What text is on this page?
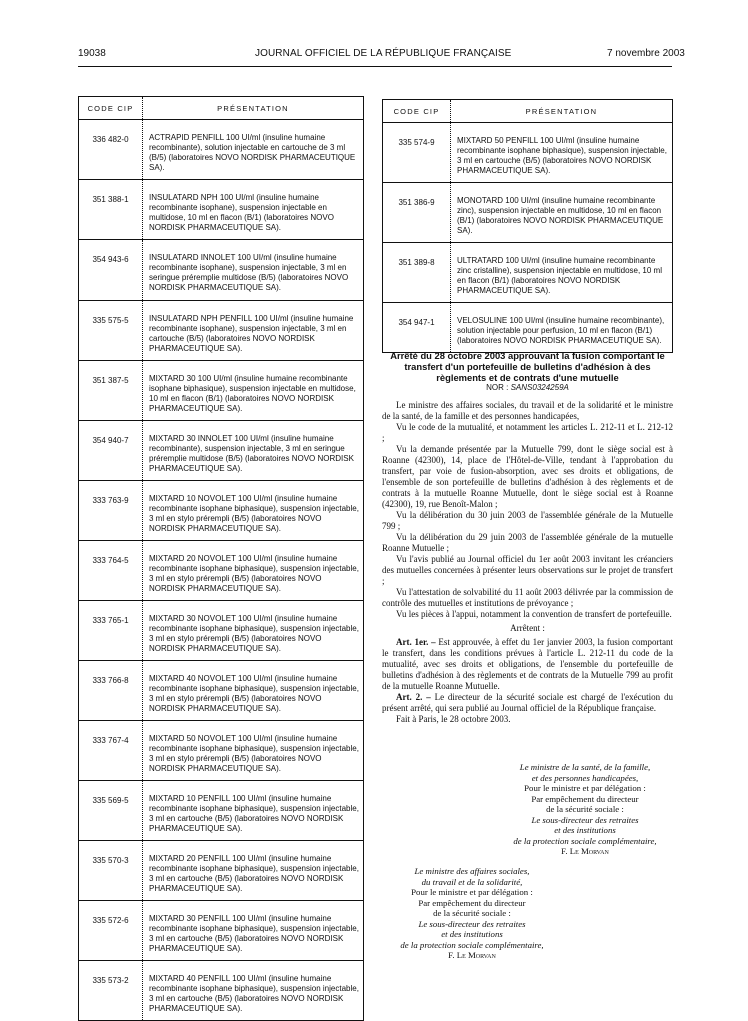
19038	JOURNAL OFFICIEL DE LA RÉPUBLIQUE FRANÇAISE	7 novembre 2003
CODE CIP	PRÉSENTATION
336 482-0	ACTRAPID PENFILL 100 UI/ml (insuline humaine recombinante), solution injectable en cartouche de 3 ml (B/5) (laboratoires NOVO NORDISK PHARMACEUTIQUE SA).
351 388-1	INSULATARD NPH 100 UI/ml (insuline humaine recombinante isophane), suspension injectable en multidose, 10 ml en flacon (B/1) (laboratoires NOVO NORDISK PHARMACEUTIQUE SA).
354 943-6	INSULATARD INNOLET 100 UI/ml (insuline humaine recombinante isophane), suspension injectable, 3 ml en seringue préremplie multidose (B/5) (laboratoires NOVO NORDISK PHARMACEUTIQUE SA).
335 575-5	INSULATARD NPH PENFILL 100 UI/ml (insuline humaine recombinante isophane), suspension injectable, 3 ml en cartouche (B/5) (laboratoires NOVO NORDISK PHARMACEUTIQUE SA).
351 387-5	MIXTARD 30 100 UI/ml (insuline humaine recombinante isophane biphasique), suspension injectable en multidose, 10 ml en flacon (B/1) (laboratoires NOVO NORDISK PHARMACEUTIQUE SA).
354 940-7	MIXTARD 30 INNOLET 100 UI/ml (insuline humaine recombinante), suspension injectable, 3 ml en seringue préremplie multidose (B/5) (laboratoires NOVO NORDISK PHARMACEUTIQUE SA).
333 763-9	MIXTARD 10 NOVOLET 100 UI/ml (insuline humaine recombinante isophane biphasique), suspension injectable, 3 ml en stylo prérempli (B/5) (laboratoires NOVO NORDISK PHARMACEUTIQUE SA).
333 764-5	MIXTARD 20 NOVOLET 100 UI/ml (insuline humaine recombinante isophane biphasique), suspension injectable, 3 ml en stylo prérempli (B/5) (laboratoires NOVO NORDISK PHARMACEUTIQUE SA).
333 765-1	MIXTARD 30 NOVOLET 100 UI/ml (insuline humaine recombinante isophane biphasique), suspension injectable, 3 ml en stylo prérempli (B/5) (laboratoires NOVO NORDISK PHARMACEUTIQUE SA).
333 766-8	MIXTARD 40 NOVOLET 100 UI/ml (insuline humaine recombinante isophane biphasique), suspension injectable, 3 ml en stylo prérempli (B/5) (laboratoires NOVO NORDISK PHARMACEUTIQUE SA).
333 767-4	MIXTARD 50 NOVOLET 100 UI/ml (insuline humaine recombinante isophane biphasique), suspension injectable, 3 ml en stylo prérempli (B/5) (laboratoires NOVO NORDISK PHARMACEUTIQUE SA).
335 569-5	MIXTARD 10 PENFILL 100 UI/ml (insuline humaine recombinante isophane biphasique), suspension injectable, 3 ml en cartouche (B/5) (laboratoires NOVO NORDISK PHARMACEUTIQUE SA).
335 570-3	MIXTARD 20 PENFILL 100 UI/ml (insuline humaine recombinante isophane biphasique), suspension injectable, 3 ml en cartouche (B/5) (laboratoires NOVO NORDISK PHARMACEUTIQUE SA).
335 572-6	MIXTARD 30 PENFILL 100 UI/ml (insuline humaine recombinante isophane biphasique), suspension injectable, 3 ml en cartouche (B/5) (laboratoires NOVO NORDISK PHARMACEUTIQUE SA).
335 573-2	MIXTARD 40 PENFILL 100 UI/ml (insuline humaine recombinante isophane biphasique), suspension injectable, 3 ml en cartouche (B/5) (laboratoires NOVO NORDISK PHARMACEUTIQUE SA).
CODE CIP	PRÉSENTATION
335 574-9	MIXTARD 50 PENFILL 100 UI/ml (insuline humaine recombinante isophane biphasique), suspension injectable, 3 ml en cartouche (B/5) (laboratoires NOVO NORDISK PHARMACEUTIQUE SA).
351 386-9	MONOTARD 100 UI/ml (insuline humaine recombinante zinc), suspension injectable en multidose, 10 ml en flacon (B/1) (laboratoires NOVO NORDISK PHARMACEUTIQUE SA).
351 389-8	ULTRATARD 100 UI/ml (insuline humaine recombinante zinc cristalline), suspension injectable en multidose, 10 ml en flacon (B/1) (laboratoires NOVO NORDISK PHARMACEUTIQUE SA).
354 947-1	VELOSULINE 100 UI/ml (insuline humaine recombinante), solution injectable pour perfusion, 10 ml en flacon (B/1) (laboratoires NOVO NORDISK PHARMACEUTIQUE SA).
Arrêté du 28 octobre 2003 approuvant la fusion comportant le transfert d'un portefeuille de bulletins d'adhésion à des règlements et de contrats d'une mutuelle
NOR : SANS0324259A

Le ministre des affaires sociales, du travail et de la solidarité et le ministre de la santé, de la famille et des personnes handicapées,

Vu le code de la mutualité, et notamment les articles L. 212-11 et L. 212-12 ;

Vu la demande présentée par la Mutuelle 799, dont le siège social est à Roanne (42300), 14, place de l'Hôtel-de-Ville, tendant à l'approbation du transfert, par voie de fusion-absorption, avec ses droits et obligations, de l'ensemble de son portefeuille de bulletins d'adhésion à des règlements et de contrats à la mutuelle Roanne Mutuelle, dont le siège social est à Roanne (42300), 19, rue Benoît-Malon ;

Vu la délibération du 30 juin 2003 de l'assemblée générale de la Mutuelle 799 ;

Vu la délibération du 29 juin 2003 de l'assemblée générale de la mutuelle Roanne Mutuelle ;

Vu l'avis publié au Journal officiel du 1er août 2003 invitant les créanciers des mutuelles concernées à présenter leurs observations sur le projet de transfert ;

Vu l'attestation de solvabilité du 11 août 2003 délivrée par la commission de contrôle des mutuelles et institutions de prévoyance ;

Vu les pièces à l'appui, notamment la convention de transfert de portefeuille.

Arrêtent :

Art. 1er. – Est approuvée, à effet du 1er janvier 2003, la fusion comportant le transfert, dans les conditions prévues à l'article L. 212-11 du code de la mutualité, avec ses droits et obligations, de l'ensemble du portefeuille de bulletins d'adhésion à des règlements et de contrats de la Mutuelle 799 au profit de la mutuelle Roanne Mutuelle.

Art. 2. – Le directeur de la sécurité sociale est chargé de l'exécution du présent arrêté, qui sera publié au Journal officiel de la République française.

Fait à Paris, le 28 octobre 2003.

Le ministre de la santé, de la famille,
et des personnes handicapées,
Pour le ministre et par délégation :
Par empêchement du directeur
de la sécurité sociale :
Le sous-directeur des retraites
et des institutions
de la protection sociale complémentaire,
F. Le Morvan
Le ministre des affaires sociales,
du travail et de la solidarité,
Pour le ministre et par délégation :
Par empêchement du directeur
de la sécurité sociale :
Le sous-directeur des retraites
et des institutions
de la protection sociale complémentaire,
F. Le Morvan
